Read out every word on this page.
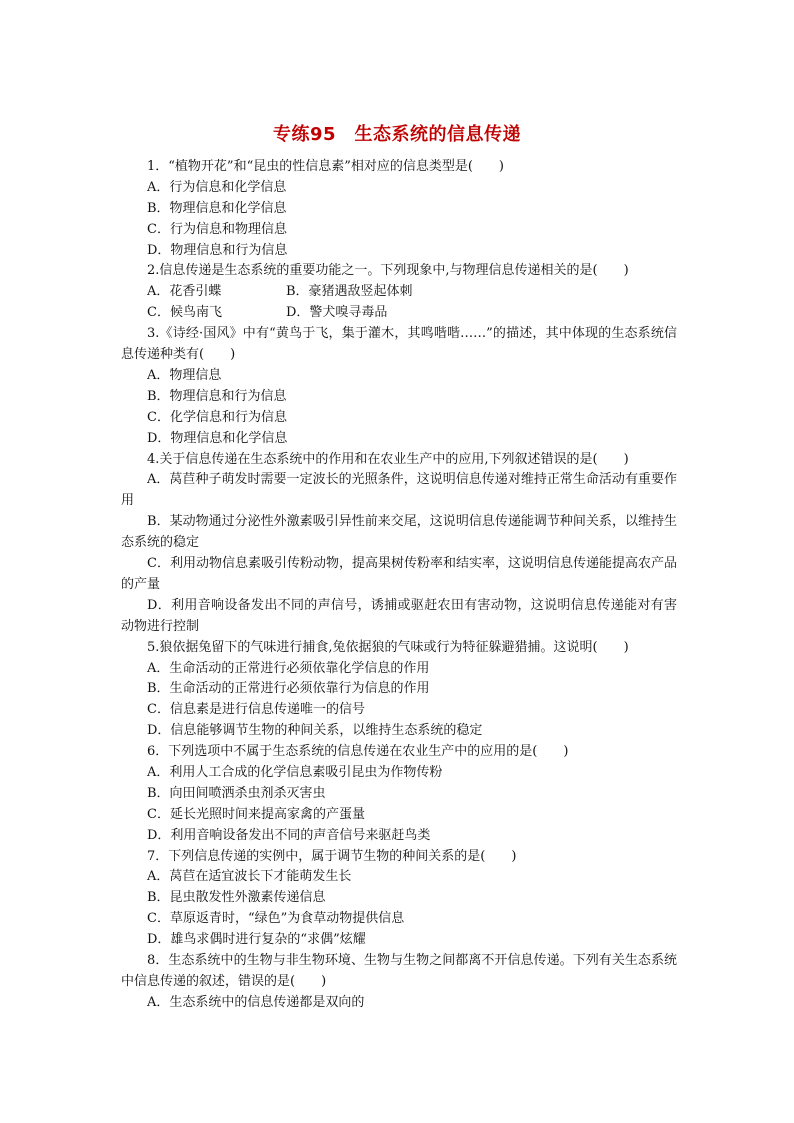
专练95　生态系统的信息传递
1．“植物开花”和“昆虫的性信息素”相对应的信息类型是(　　)
A．行为信息和化学信息
B．物理信息和化学信息
C．行为信息和物理信息
D．物理信息和行为信息
2.信息传递是生态系统的重要功能之一。下列现象中,与物理信息传递相关的是(　　)
A．花香引蝶	B．豪猪遇敌竖起体刺
C．候鸟南飞	D．警犬嗅寻毒品
3.《诗经·国风》中有“黄鸟于飞，集于灌木，其鸣喈喈……”的描述，其中体现的生态系统信息传递种类有(　　)
A．物理信息
B．物理信息和行为信息
C．化学信息和行为信息
D．物理信息和化学信息
4.关于信息传递在生态系统中的作用和在农业生产中的应用,下列叙述错误的是(　　)
A．莴苣种子萌发时需要一定波长的光照条件，这说明信息传递对维持正常生命活动有重要作用
B．某动物通过分泌性外激素吸引异性前来交尾，这说明信息传递能调节种间关系，以维持生态系统的稳定
C．利用动物信息素吸引传粉动物，提高果树传粉率和结实率，这说明信息传递能提高农产品的产量
D．利用音响设备发出不同的声信号，诱捕或驱赶农田有害动物，这说明信息传递能对有害动物进行控制
5.狼依据兔留下的气味进行捕食,兔依据狼的气味或行为特征躲避猎捕。这说明(　　)
A．生命活动的正常进行必须依靠化学信息的作用
B．生命活动的正常进行必须依靠行为信息的作用
C．信息素是进行信息传递唯一的信号
D．信息能够调节生物的种间关系，以维持生态系统的稳定
6．下列选项中不属于生态系统的信息传递在农业生产中的应用的是(　　)
A．利用人工合成的化学信息素吸引昆虫为作物传粉
B．向田间喷洒杀虫剂杀灭害虫
C．延长光照时间来提高家禽的产蛋量
D．利用音响设备发出不同的声音信号来驱赶鸟类
7．下列信息传递的实例中，属于调节生物的种间关系的是(　　)
A．莴苣在适宜波长下才能萌发生长
B．昆虫散发性外激素传递信息
C．草原返青时，“绿色”为食草动物提供信息
D．雄鸟求偶时进行复杂的“求偶”炫耀
8．生态系统中的生物与非生物环境、生物与生物之间都离不开信息传递。下列有关生态系统中信息传递的叙述，错误的是(　　)
A．生态系统中的信息传递都是双向的
